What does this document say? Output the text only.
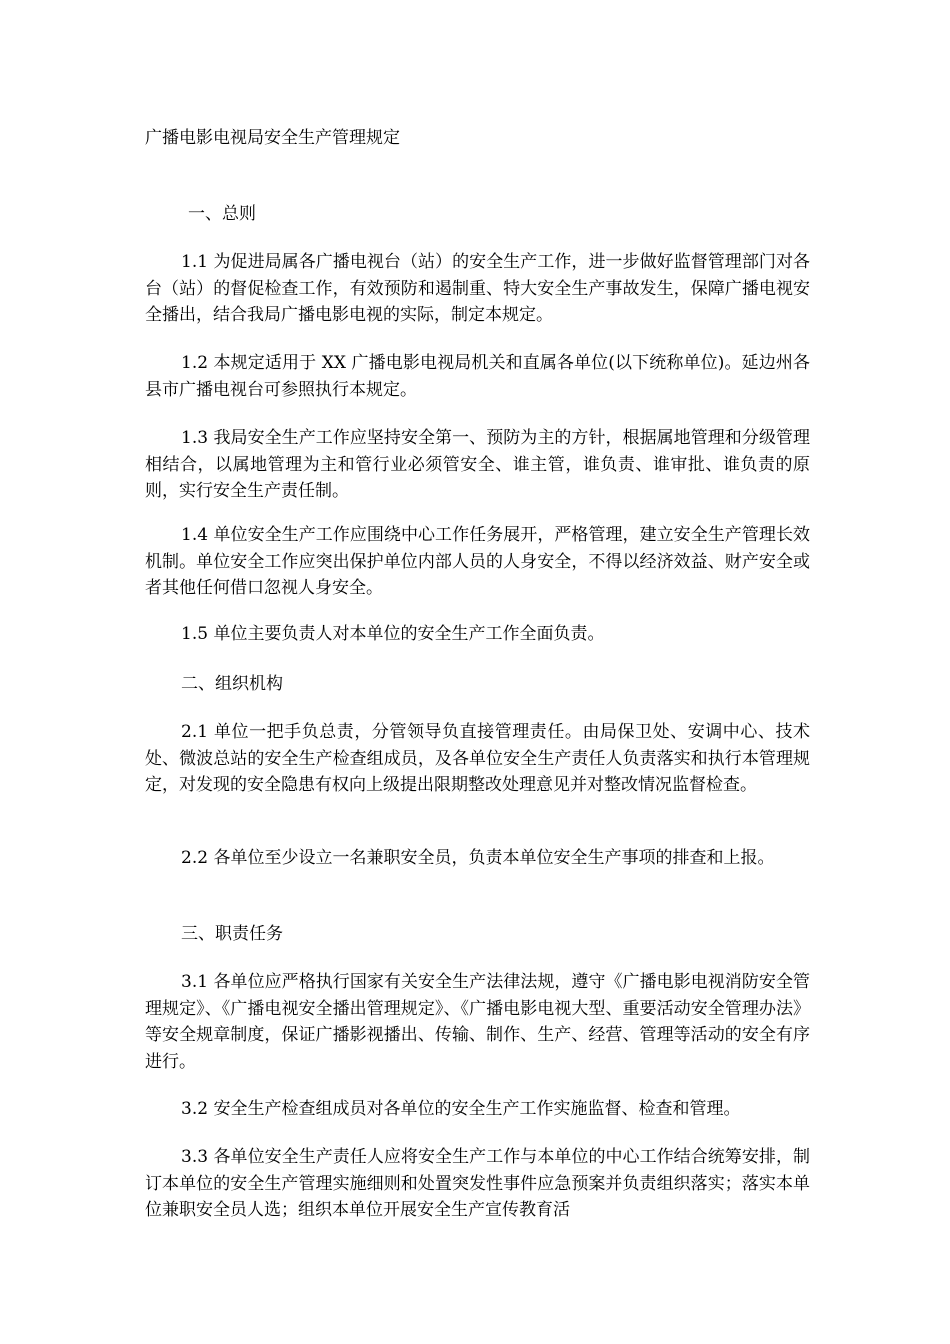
广播电影电视局安全生产管理规定
一、总则

1.1 为促进局属各广播电视台（站）的安全生产工作，进一步做好监督管理部门对各台（站）的督促检查工作，有效预防和遏制重、特大安全生产事故发生，保障广播电视安全播出，结合我局广播电影电视的实际，制定本规定。

1.2 本规定适用于 XX 广播电影电视局机关和直属各单位(以下统称单位)。延边州各县市广播电视台可参照执行本规定。

1.3 我局安全生产工作应坚持安全第一、预防为主的方针，根据属地管理和分级管理相结合，以属地管理为主和管行业必须管安全、谁主管，谁负责、谁审批、谁负责的原则，实行安全生产责任制。

1.4 单位安全生产工作应围绕中心工作任务展开，严格管理，建立安全生产管理长效机制。单位安全工作应突出保护单位内部人员的人身安全，不得以经济效益、财产安全或者其他任何借口忽视人身安全。

1.5 单位主要负责人对本单位的安全生产工作全面负责。

二、组织机构

2.1 单位一把手负总责，分管领导负直接管理责任。由局保卫处、安调中心、技术处、微波总站的安全生产检查组成员，及各单位安全生产责任人负责落实和执行本管理规定，对发现的安全隐患有权向上级提出限期整改处理意见并对整改情况监督检查。

2.2 各单位至少设立一名兼职安全员，负责本单位安全生产事项的排查和上报。

三、职责任务

3.1 各单位应严格执行国家有关安全生产法律法规，遵守《广播电影电视消防安全管理规定》、《广播电视安全播出管理规定》、《广播电影电视大型、重要活动安全管理办法》等安全规章制度，保证广播影视播出、传输、制作、生产、经营、管理等活动的安全有序进行。

3.2 安全生产检查组成员对各单位的安全生产工作实施监督、检查和管理。

3.3 各单位安全生产责任人应将安全生产工作与本单位的中心工作结合统筹安排，制订本单位的安全生产管理实施细则和处置突发性事件应急预案并负责组织落实；落实本单位兼职安全员人选；组织本单位开展安全生产宣传教育活
